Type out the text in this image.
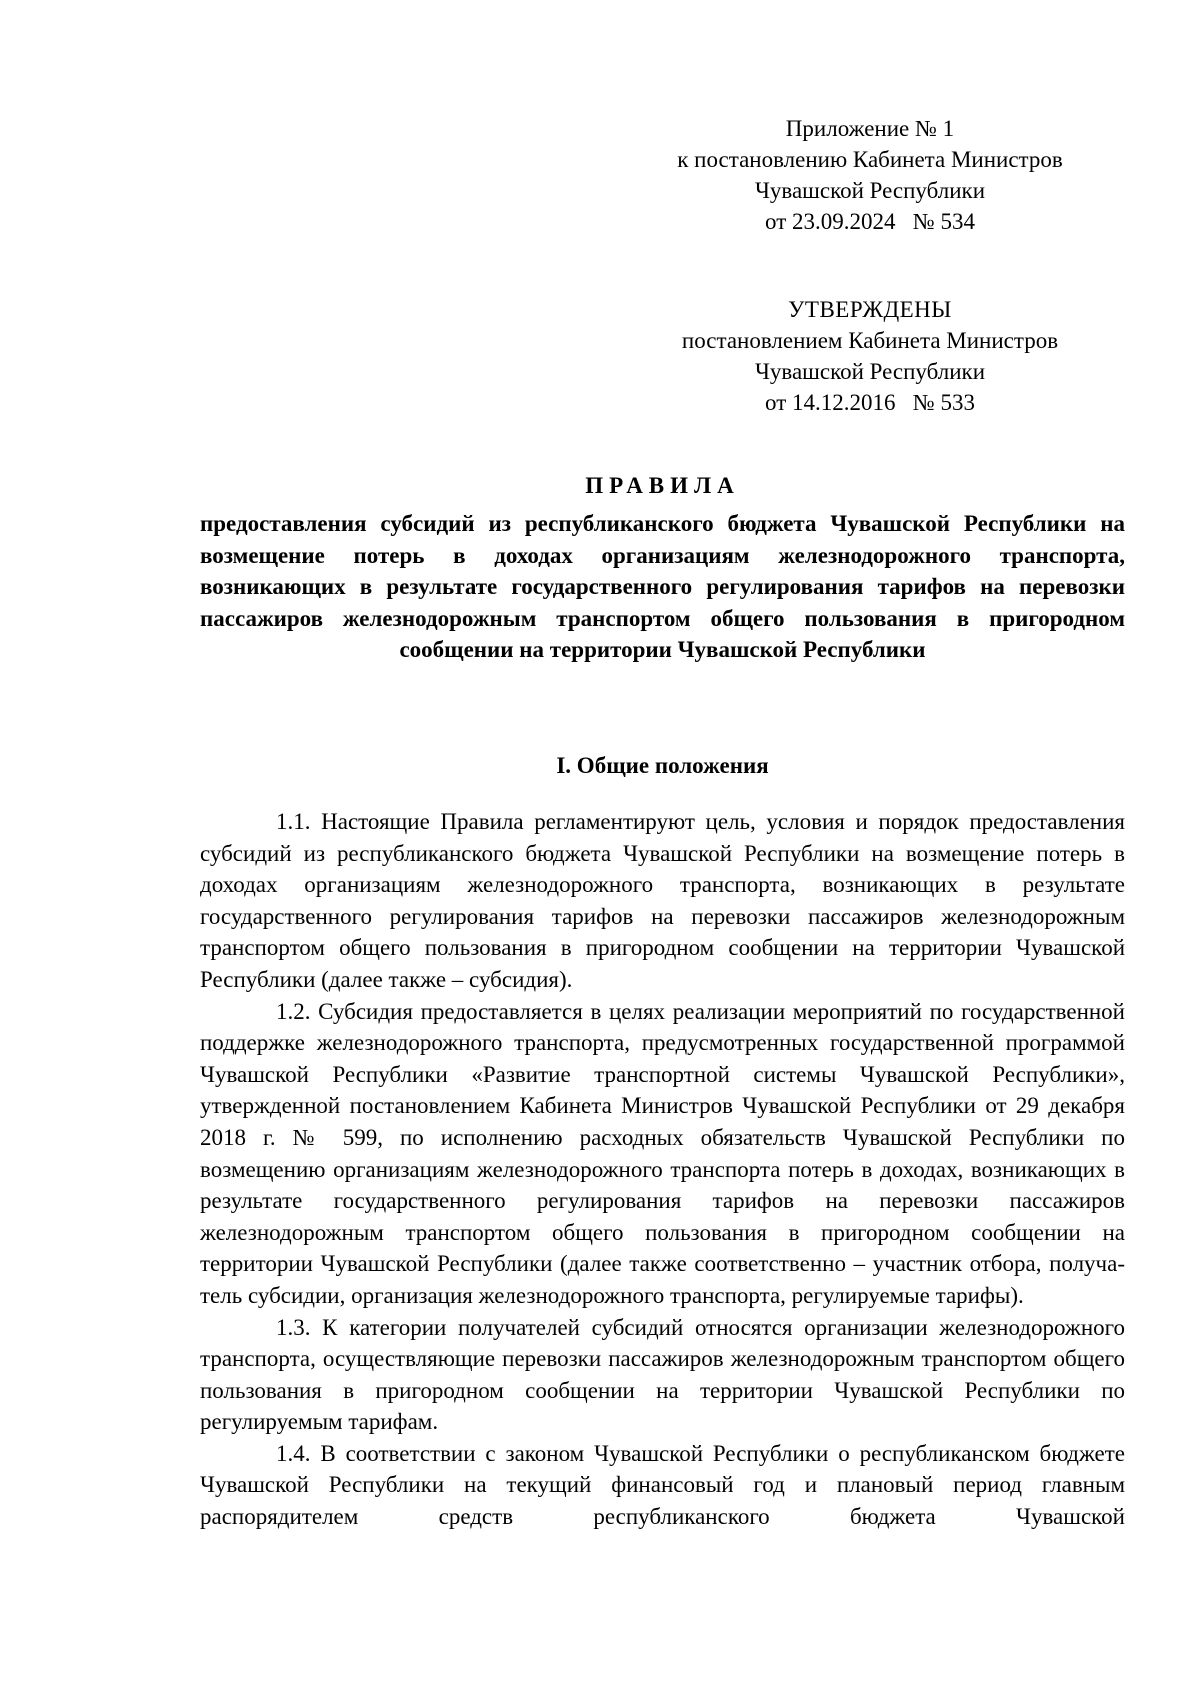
Приложение № 1
к постановлению Кабинета Министров
Чувашской Республики
от 23.09.2024   № 534
УТВЕРЖДЕНЫ
постановлением Кабинета Министров
Чувашской Республики
от 14.12.2016   № 533
ПРАВИЛА
предоставления субсидий из республиканского бюджета Чувашской Республики на возмещение потерь в доходах организациям железнодорожного транспорта, возникающих в результате государственного регулирования тарифов на перевозки пассажиров железнодорожным транспортом общего пользования в пригородном сообщении на территории Чувашской Республики
I. Общие положения

1.1. Настоящие Правила регламентируют цель, условия и порядок предоставления субсидий из республиканского бюджета Чувашской Республики на возмещение потерь в доходах организациям железнодорожного транспорта, возникающих в результате государственного регулирования тарифов на перевозки пассажиров железнодорожным транспортом общего пользования в пригородном сообщении на территории Чувашской Республики (далее также – субсидия).

1.2. Субсидия предоставляется в целях реализации мероприятий по государственной поддержке железнодорожного транспорта, предусмотренных государственной программой Чувашской Республики «Развитие транспортной системы Чувашской Республики», утвержденной постановлением Кабинета Министров Чувашской Республики от 29 декабря 2018 г. № 599, по исполнению расходных обязательств Чувашской Республики по возмещению организациям железнодорожного транспорта потерь в доходах, возникающих в результате государственного регулирования тарифов на перевозки пассажиров железнодорожным транспортом общего пользования в пригородном сообщении на территории Чувашской Республики (далее также соответственно – участник отбора, получатель субсидии, организация железнодорожного транспорта, регулируемые тарифы).

1.3. К категории получателей субсидий относятся организации железнодорожного транспорта, осуществляющие перевозки пассажиров железнодорожным транспортом общего пользования в пригородном сообщении на территории Чувашской Республики по регулируемым тарифам.

1.4. В соответствии с законом Чувашской Республики о республиканском бюджете Чувашской Республики на текущий финансовый год и плановый период главным распорядителем средств республиканского бюджета Чувашской
